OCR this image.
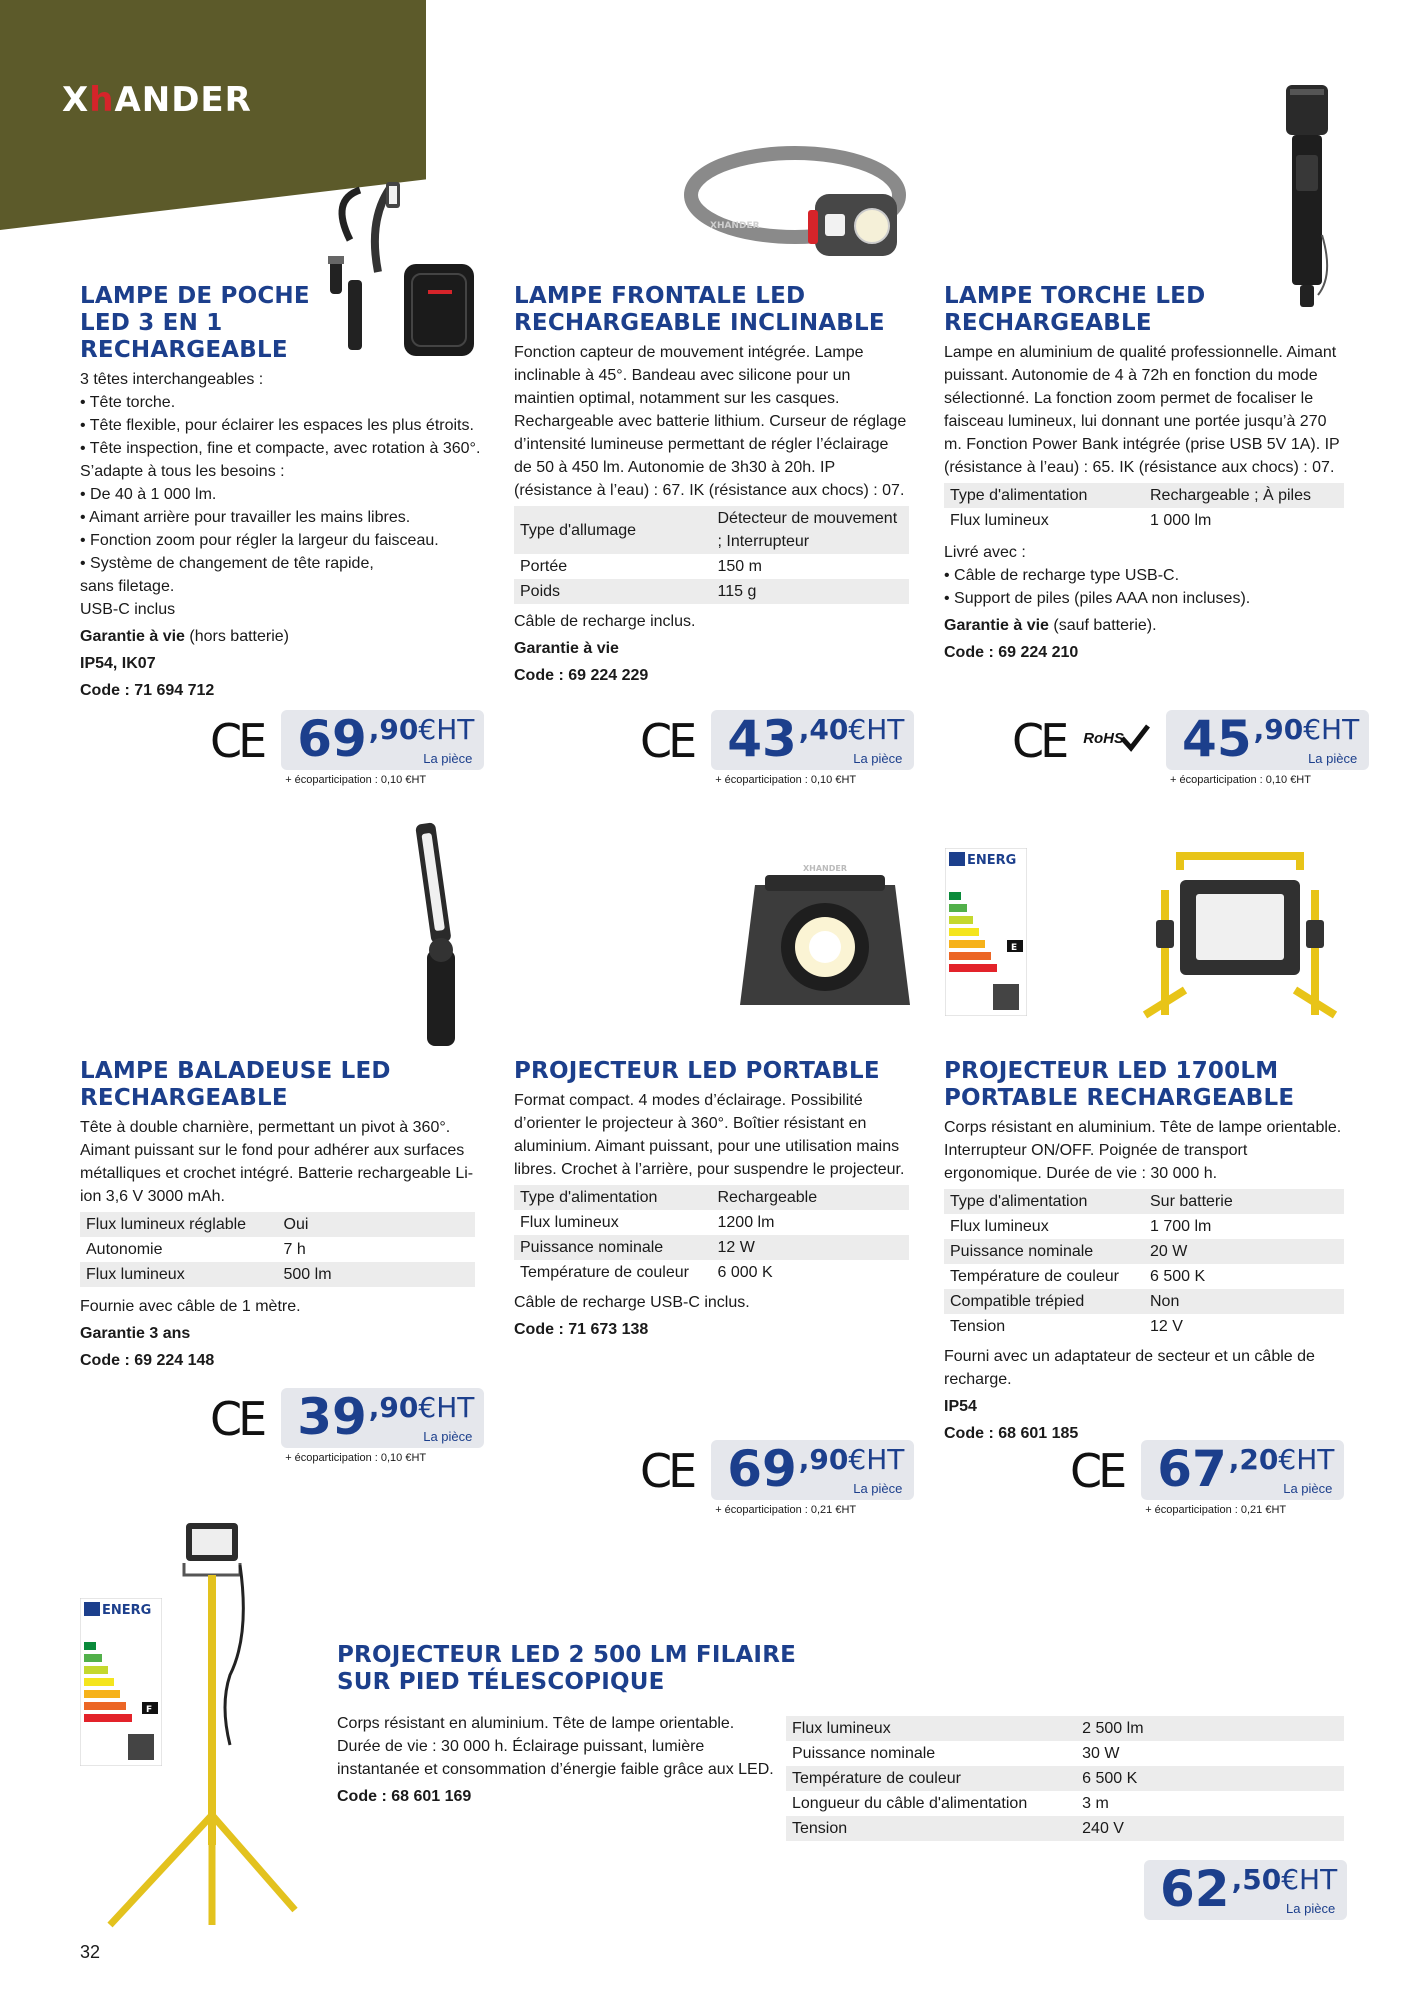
XhANDER
LAMPE DE POCHE LED 3 EN 1 RECHARGEABLE

3 têtes interchangeables :

• Tête torche.

• Tête flexible, pour éclairer les espaces les plus étroits.

• Tête inspection, fine et compacte, avec rotation à 360°.

S’adapte à tous les besoins :

• De 40 à 1 000 lm.

• Aimant arrière pour travailler les mains libres.

• Fonction zoom pour régler la largeur du faisceau.

• Système de changement de tête rapide, sans filetage.

USB-C inclus

Garantie à vie (hors batterie)

IP54, IK07

Code : 71 694 712

CE 69 ,90 €HT
La pièce
+ écoparticipation : 0,10 €HT
XHANDER
LAMPE FRONTALE LED RECHARGEABLE INCLINABLE

Fonction capteur de mouvement intégrée. Lampe inclinable à 45°. Bandeau avec silicone pour un maintien optimal, notamment sur les casques. Rechargeable avec batterie lithium. Curseur de réglage d’intensité lumineuse permettant de régler l’éclairage de 50 à 450 lm. Autonomie de 3h30 à 20h. IP (résistance à l’eau) : 67. IK (résistance aux chocs) : 07.

Type d'allumage	Détecteur de mouvement ; Interrupteur
Portée	150 m
Poids	115 g

Câble de recharge inclus.

Garantie à vie

Code : 69 224 229

CE 43 ,40 €HT
La pièce
+ écoparticipation : 0,10 €HT
LAMPE TORCHE LED RECHARGEABLE

Lampe en aluminium de qualité professionnelle. Aimant puissant. Autonomie de 4 à 72h en fonction du mode sélectionné. La fonction zoom permet de focaliser le faisceau lumineux, lui donnant une portée jusqu’à 270 m. Fonction Power Bank intégrée (prise USB 5V 1A). IP (résistance à l’eau) : 65. IK (résistance aux chocs) : 07.

Type d'alimentation	Rechargeable ; À piles
Flux lumineux	1 000 lm

Livré avec :

• Câble de recharge type USB-C.

• Support de piles (piles AAA non incluses).

Garantie à vie (sauf batterie).

Code : 69 224 210

CE RoHS 45 ,90 €HT
La pièce
+ écoparticipation : 0,10 €HT
LAMPE BALADEUSE LED RECHARGEABLE

Tête à double charnière, permettant un pivot à 360°. Aimant puissant sur le fond pour adhérer aux surfaces métalliques et crochet intégré. Batterie rechargeable Li-ion 3,6 V 3000 mAh.

Flux lumineux réglable	Oui
Autonomie	7 h
Flux lumineux	500 lm

Fournie avec câble de 1 mètre.

Garantie 3 ans

Code : 69 224 148

CE 39 ,90 €HT
La pièce
+ écoparticipation : 0,10 €HT
XHANDER
PROJECTEUR LED PORTABLE

Format compact. 4 modes d’éclairage. Possibilité d’orienter le projecteur à 360°. Boîtier résistant en aluminium. Aimant puissant, pour une utilisation mains libres. Crochet à l’arrière, pour suspendre le projecteur.

Type d'alimentation	Rechargeable
Flux lumineux	1200 lm
Puissance nominale	12 W
Température de couleur	6 000 K

Câble de recharge USB-C inclus.

Code : 71 673 138

CE 69 ,90 €HT
La pièce
+ écoparticipation : 0,21 €HT
ENERG
E
PROJECTEUR LED 1700LM PORTABLE RECHARGEABLE

Corps résistant en aluminium. Tête de lampe orientable. Interrupteur ON/OFF. Poignée de transport ergonomique. Durée de vie : 30 000 h.

Type d'alimentation	Sur batterie
Flux lumineux	1 700 lm
Puissance nominale	20 W
Température de couleur	6 500 K
Compatible trépied	Non
Tension	12 V

Fourni avec un adaptateur de secteur et un câble de recharge.

IP54

Code : 68 601 185

CE 67 ,20 €HT
La pièce
+ écoparticipation : 0,21 €HT
ENERG
F
PROJECTEUR LED 2 500 LM FILAIRE SUR PIED TÉLESCOPIQUE

Corps résistant en aluminium. Tête de lampe orientable. Durée de vie : 30 000 h. Éclairage puissant, lumière instantanée et consommation d’énergie faible grâce aux LED.

Code : 68 601 169

Flux lumineux	2 500 lm
Puissance nominale	30 W
Température de couleur	6 500 K
Longueur du câble d'alimentation	3 m
Tension	240 V
62 ,50 €HT
La pièce
32
